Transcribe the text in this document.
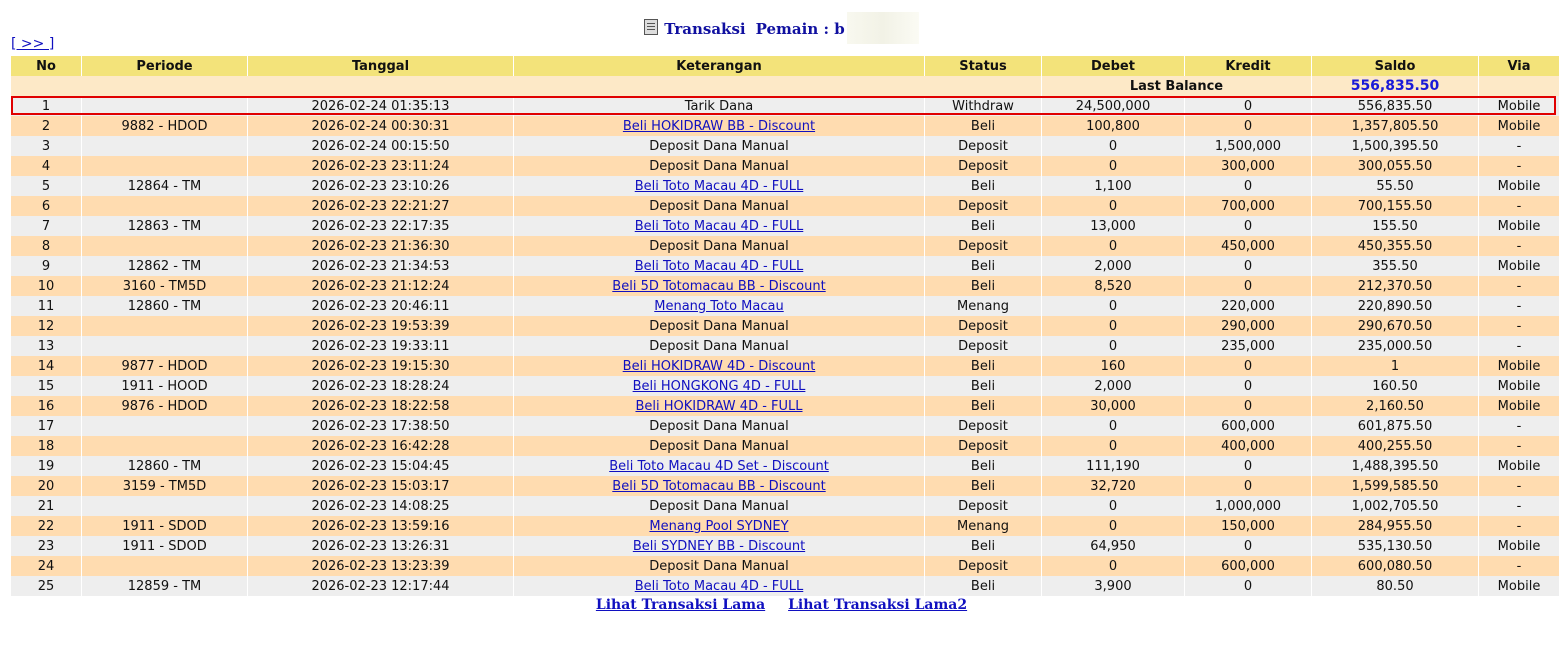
Transaksi Pemain : b
[ >> ]
No	Periode	Tanggal	Keterangan	Status	Debet	Kredit	Saldo	Via
					Last Balance		556,835.50	
1		2026-02-24 01:35:13	Tarik Dana	Withdraw	24,500,000	0	556,835.50	Mobile
2	9882 - HDOD	2026-02-24 00:30:31	Beli HOKIDRAW BB - Discount	Beli	100,800	0	1,357,805.50	Mobile
3		2026-02-24 00:15:50	Deposit Dana Manual	Deposit	0	1,500,000	1,500,395.50	-
4		2026-02-23 23:11:24	Deposit Dana Manual	Deposit	0	300,000	300,055.50	-
5	12864 - TM	2026-02-23 23:10:26	Beli Toto Macau 4D - FULL	Beli	1,100	0	55.50	Mobile
6		2026-02-23 22:21:27	Deposit Dana Manual	Deposit	0	700,000	700,155.50	-
7	12863 - TM	2026-02-23 22:17:35	Beli Toto Macau 4D - FULL	Beli	13,000	0	155.50	Mobile
8		2026-02-23 21:36:30	Deposit Dana Manual	Deposit	0	450,000	450,355.50	-
9	12862 - TM	2026-02-23 21:34:53	Beli Toto Macau 4D - FULL	Beli	2,000	0	355.50	Mobile
10	3160 - TM5D	2026-02-23 21:12:24	Beli 5D Totomacau BB - Discount	Beli	8,520	0	212,370.50	-
11	12860 - TM	2026-02-23 20:46:11	Menang Toto Macau	Menang	0	220,000	220,890.50	-
12		2026-02-23 19:53:39	Deposit Dana Manual	Deposit	0	290,000	290,670.50	-
13		2026-02-23 19:33:11	Deposit Dana Manual	Deposit	0	235,000	235,000.50	-
14	9877 - HDOD	2026-02-23 19:15:30	Beli HOKIDRAW 4D - Discount	Beli	160	0	1	Mobile
15	1911 - HOOD	2026-02-23 18:28:24	Beli HONGKONG 4D - FULL	Beli	2,000	0	160.50	Mobile
16	9876 - HDOD	2026-02-23 18:22:58	Beli HOKIDRAW 4D - FULL	Beli	30,000	0	2,160.50	Mobile
17		2026-02-23 17:38:50	Deposit Dana Manual	Deposit	0	600,000	601,875.50	-
18		2026-02-23 16:42:28	Deposit Dana Manual	Deposit	0	400,000	400,255.50	-
19	12860 - TM	2026-02-23 15:04:45	Beli Toto Macau 4D Set - Discount	Beli	111,190	0	1,488,395.50	Mobile
20	3159 - TM5D	2026-02-23 15:03:17	Beli 5D Totomacau BB - Discount	Beli	32,720	0	1,599,585.50	-
21		2026-02-23 14:08:25	Deposit Dana Manual	Deposit	0	1,000,000	1,002,705.50	-
22	1911 - SDOD	2026-02-23 13:59:16	Menang Pool SYDNEY	Menang	0	150,000	284,955.50	-
23	1911 - SDOD	2026-02-23 13:26:31	Beli SYDNEY BB - Discount	Beli	64,950	0	535,130.50	Mobile
24		2026-02-23 13:23:39	Deposit Dana Manual	Deposit	0	600,000	600,080.50	-
25	12859 - TM	2026-02-23 12:17:44	Beli Toto Macau 4D - FULL	Beli	3,900	0	80.50	Mobile
Lihat Transaksi Lama Lihat Transaksi Lama2
